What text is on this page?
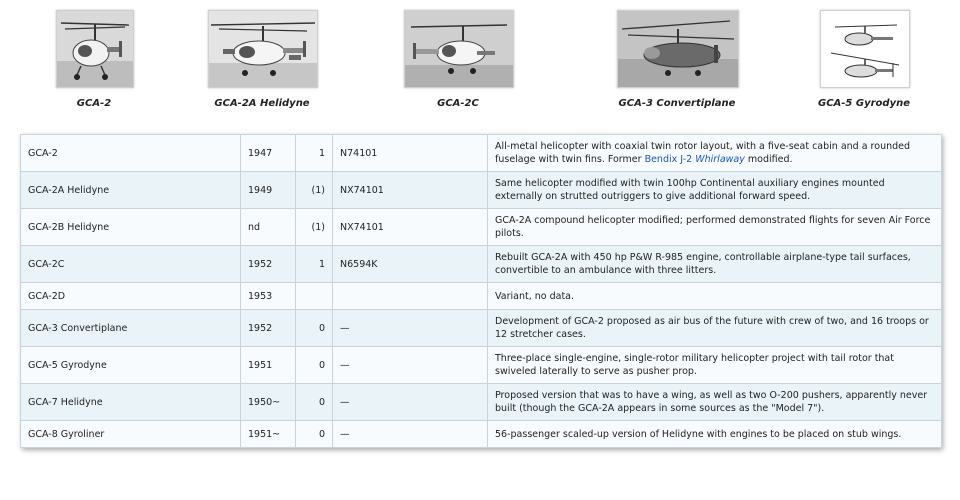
GCA-2	GCA-2A Helidyne	GCA-2C	GCA-3 Convertiplane	GCA-5 Gyrodyne
GCA-2	1947	1	N74101	All-metal helicopter with coaxial twin rotor layout, with a five-seat cabin and a rounded fuselage with twin fins. Former Bendix J-2 Whirlaway modified.
GCA-2A Helidyne	1949	(1)	NX74101	Same helicopter modified with twin 100hp Continental auxiliary engines mounted externally on strutted outriggers to give additional forward speed.
GCA-2B Helidyne	nd	(1)	NX74101	GCA-2A compound helicopter modified; performed demonstrated flights for seven Air Force pilots.
GCA-2C	1952	1	N6594K	Rebuilt GCA-2A with 450 hp P&W R-985 engine, controllable airplane-type tail surfaces, convertible to an ambulance with three litters.
GCA-2D	1953			Variant, no data.
GCA-3 Convertiplane	1952	0	—	Development of GCA-2 proposed as air bus of the future with crew of two, and 16 troops or 12 stretcher cases.
GCA-5 Gyrodyne	1951	0	—	Three-place single-engine, single-rotor military helicopter project with tail rotor that swiveled laterally to serve as pusher prop.
GCA-7 Helidyne	1950~	0	—	Proposed version that was to have a wing, as well as two O-200 pushers, apparently never built (though the GCA-2A appears in some sources as the "Model 7").
GCA-8 Gyroliner	1951~	0	—	56-passenger scaled-up version of Helidyne with engines to be placed on stub wings.
